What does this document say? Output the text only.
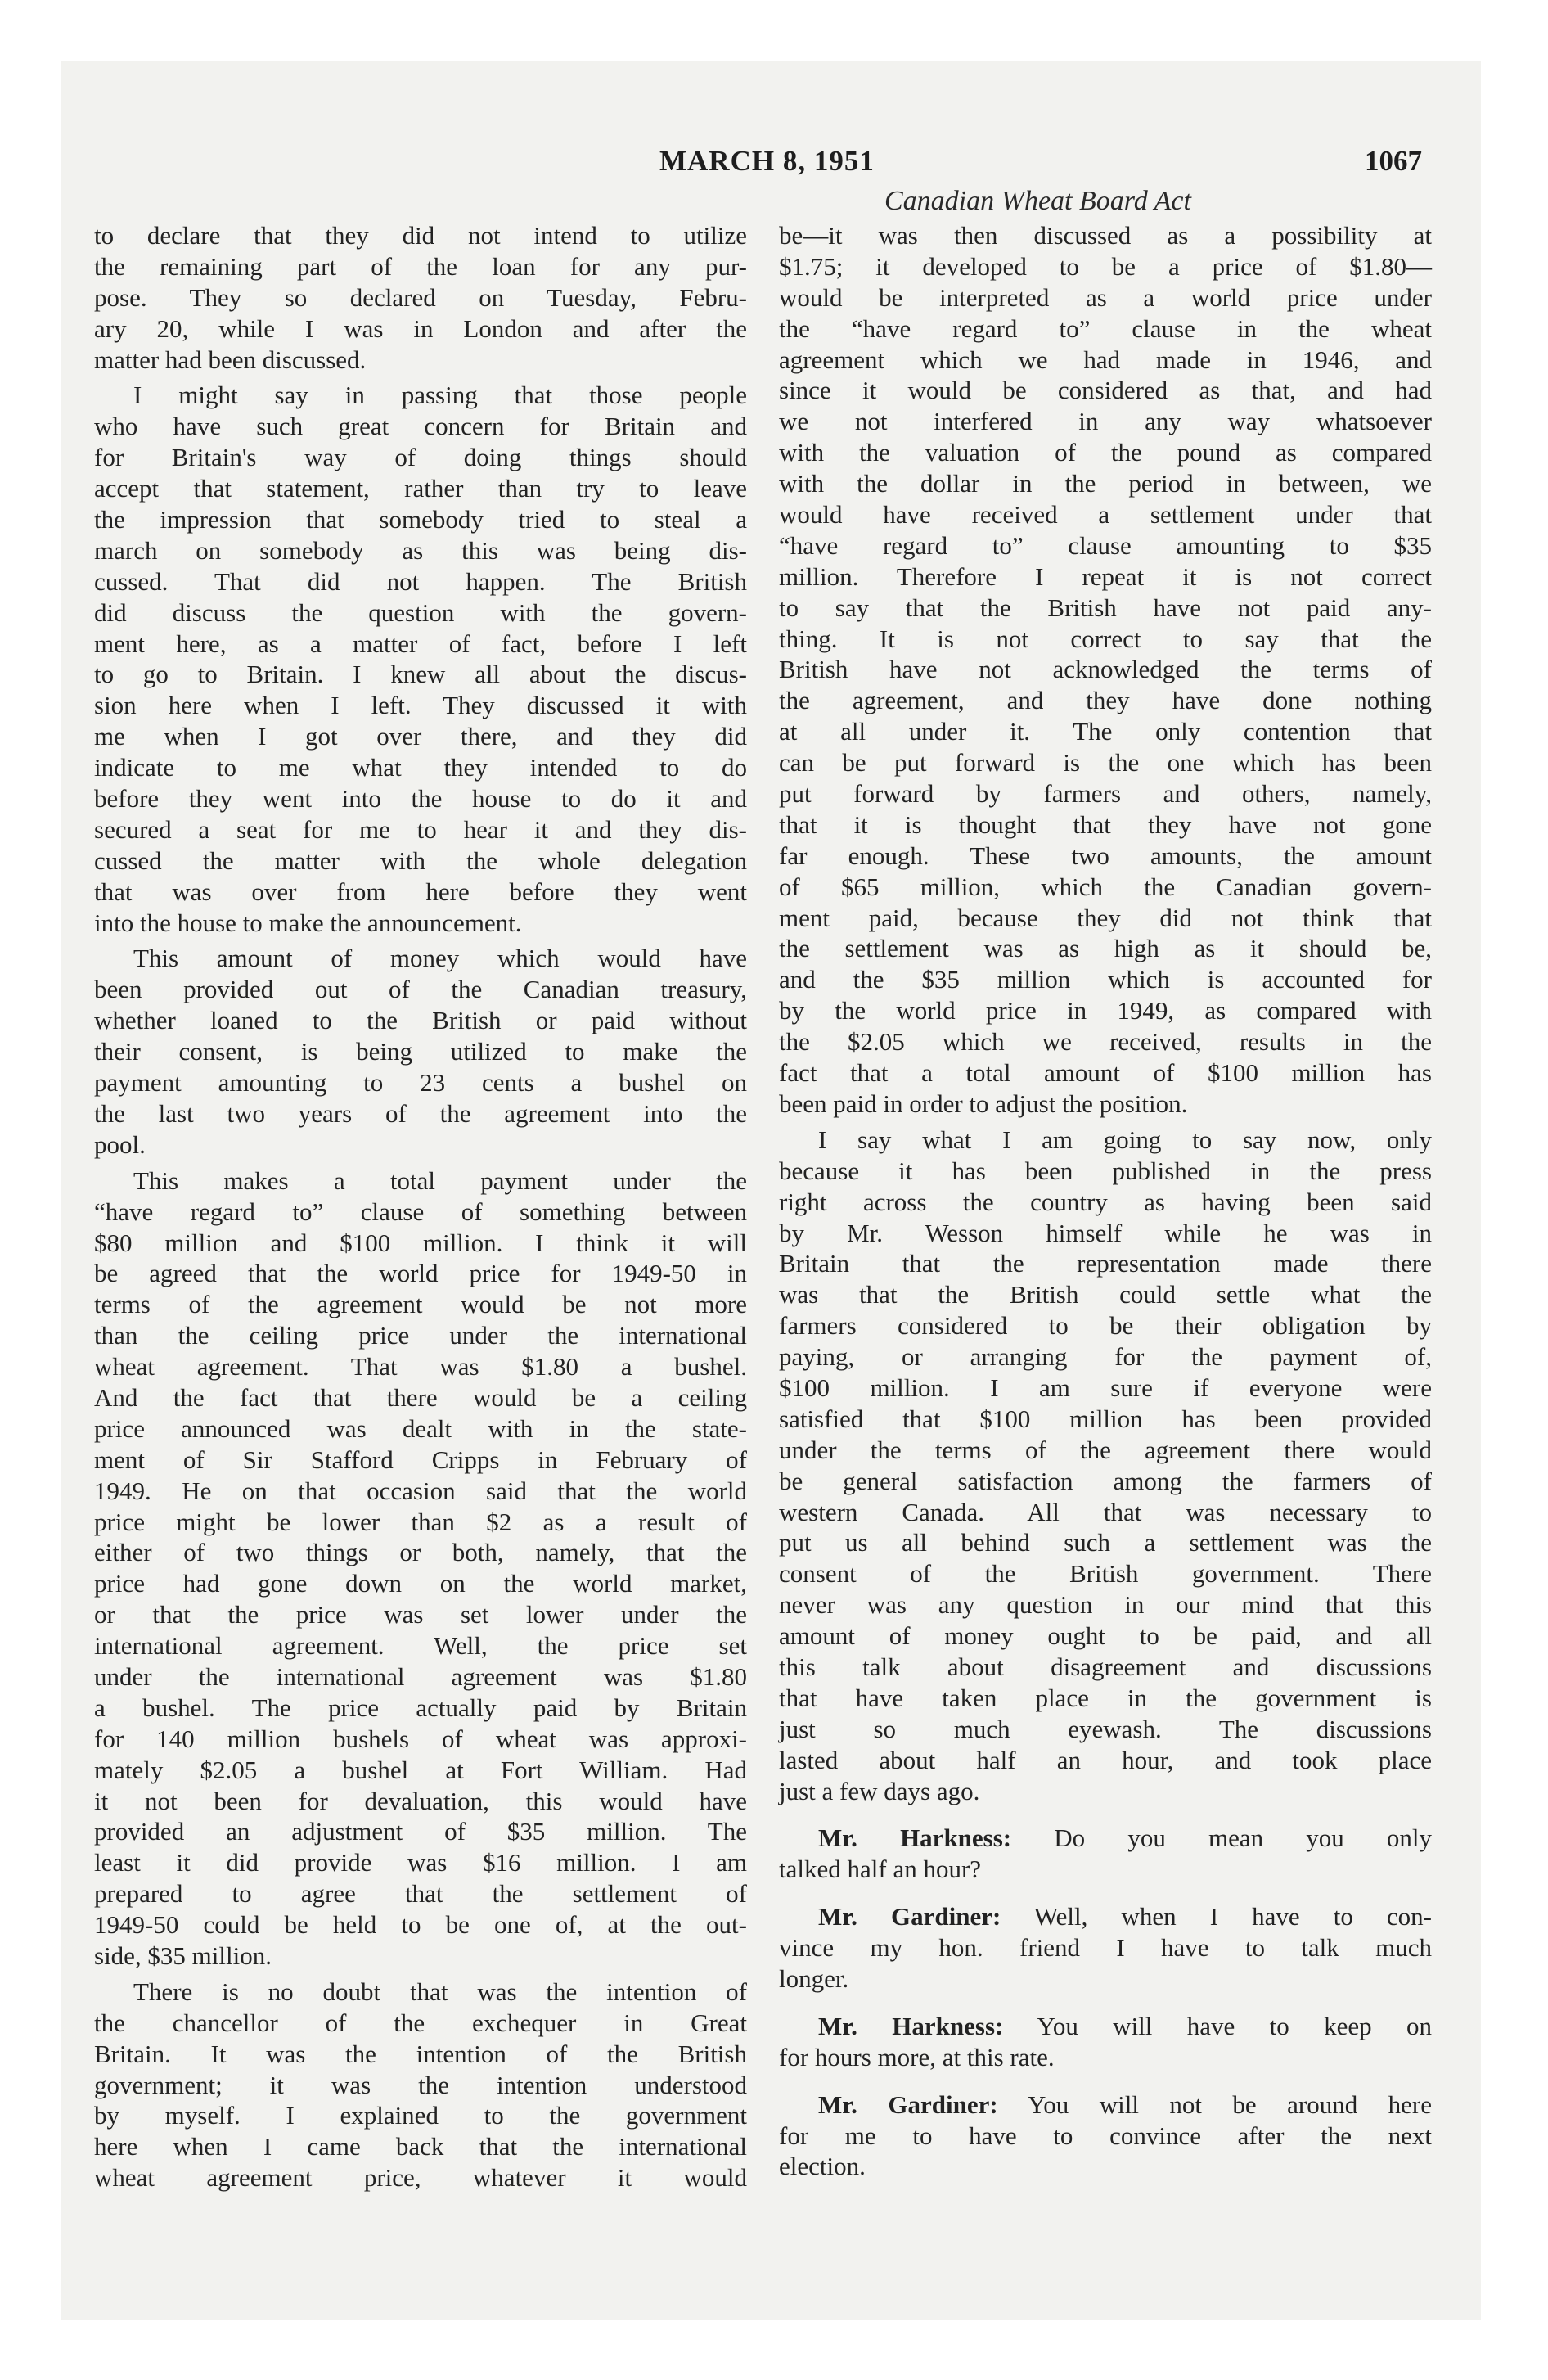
MARCH 8, 1951	1067
Canadian Wheat Board Act
to declare that they did not intend to utilize
the remaining part of the loan for any pur-
pose. They so declared on Tuesday, Febru-
ary 20, while I was in London and after the
matter had been discussed.
I might say in passing that those people
who have such great concern for Britain and
for Britain's way of doing things should
accept that statement, rather than try to leave
the impression that somebody tried to steal a
march on somebody as this was being dis-
cussed. That did not happen. The British
did discuss the question with the govern-
ment here, as a matter of fact, before I left
to go to Britain. I knew all about the discus-
sion here when I left. They discussed it with
me when I got over there, and they did
indicate to me what they intended to do
before they went into the house to do it and
secured a seat for me to hear it and they dis-
cussed the matter with the whole delegation
that was over from here before they went
into the house to make the announcement.
This amount of money which would have
been provided out of the Canadian treasury,
whether loaned to the British or paid without
their consent, is being utilized to make the
payment amounting to 23 cents a bushel on
the last two years of the agreement into the
pool.
This makes a total payment under the
“have regard to” clause of something between
$80 million and $100 million. I think it will
be agreed that the world price for 1949-50 in
terms of the agreement would be not more
than the ceiling price under the international
wheat agreement. That was $1.80 a bushel.
And the fact that there would be a ceiling
price announced was dealt with in the state-
ment of Sir Stafford Cripps in February of
1949. He on that occasion said that the world
price might be lower than $2 as a result of
either of two things or both, namely, that the
price had gone down on the world market,
or that the price was set lower under the
international agreement. Well, the price set
under the international agreement was $1.80
a bushel. The price actually paid by Britain
for 140 million bushels of wheat was approxi-
mately $2.05 a bushel at Fort William. Had
it not been for devaluation, this would have
provided an adjustment of $35 million. The
least it did provide was $16 million. I am
prepared to agree that the settlement of
1949-50 could be held to be one of, at the out-
side, $35 million.
There is no doubt that was the intention of
the chancellor of the exchequer in Great
Britain. It was the intention of the British
government; it was the intention understood
by myself. I explained to the government
here when I came back that the international
wheat agreement price, whatever it would
be—it was then discussed as a possibility at
$1.75; it developed to be a price of $1.80—
would be interpreted as a world price under
the “have regard to” clause in the wheat
agreement which we had made in 1946, and
since it would be considered as that, and had
we not interfered in any way whatsoever
with the valuation of the pound as compared
with the dollar in the period in between, we
would have received a settlement under that
“have regard to” clause amounting to $35
million. Therefore I repeat it is not correct
to say that the British have not paid any-
thing. It is not correct to say that the
British have not acknowledged the terms of
the agreement, and they have done nothing
at all under it. The only contention that
can be put forward is the one which has been
put forward by farmers and others, namely,
that it is thought that they have not gone
far enough. These two amounts, the amount
of $65 million, which the Canadian govern-
ment paid, because they did not think that
the settlement was as high as it should be,
and the $35 million which is accounted for
by the world price in 1949, as compared with
the $2.05 which we received, results in the
fact that a total amount of $100 million has
been paid in order to adjust the position.
I say what I am going to say now, only
because it has been published in the press
right across the country as having been said
by Mr. Wesson himself while he was in
Britain that the representation made there
was that the British could settle what the
farmers considered to be their obligation by
paying, or arranging for the payment of,
$100 million. I am sure if everyone were
satisfied that $100 million has been provided
under the terms of the agreement there would
be general satisfaction among the farmers of
western Canada. All that was necessary to
put us all behind such a settlement was the
consent of the British government. There
never was any question in our mind that this
amount of money ought to be paid, and all
this talk about disagreement and discussions
that have taken place in the government is
just so much eyewash. The discussions
lasted about half an hour, and took place
just a few days ago.
Mr. Harkness: Do you mean you only
talked half an hour?
Mr. Gardiner: Well, when I have to con-
vince my hon. friend I have to talk much
longer.
Mr. Harkness: You will have to keep on
for hours more, at this rate.
Mr. Gardiner: You will not be around here
for me to have to convince after the next
election.
